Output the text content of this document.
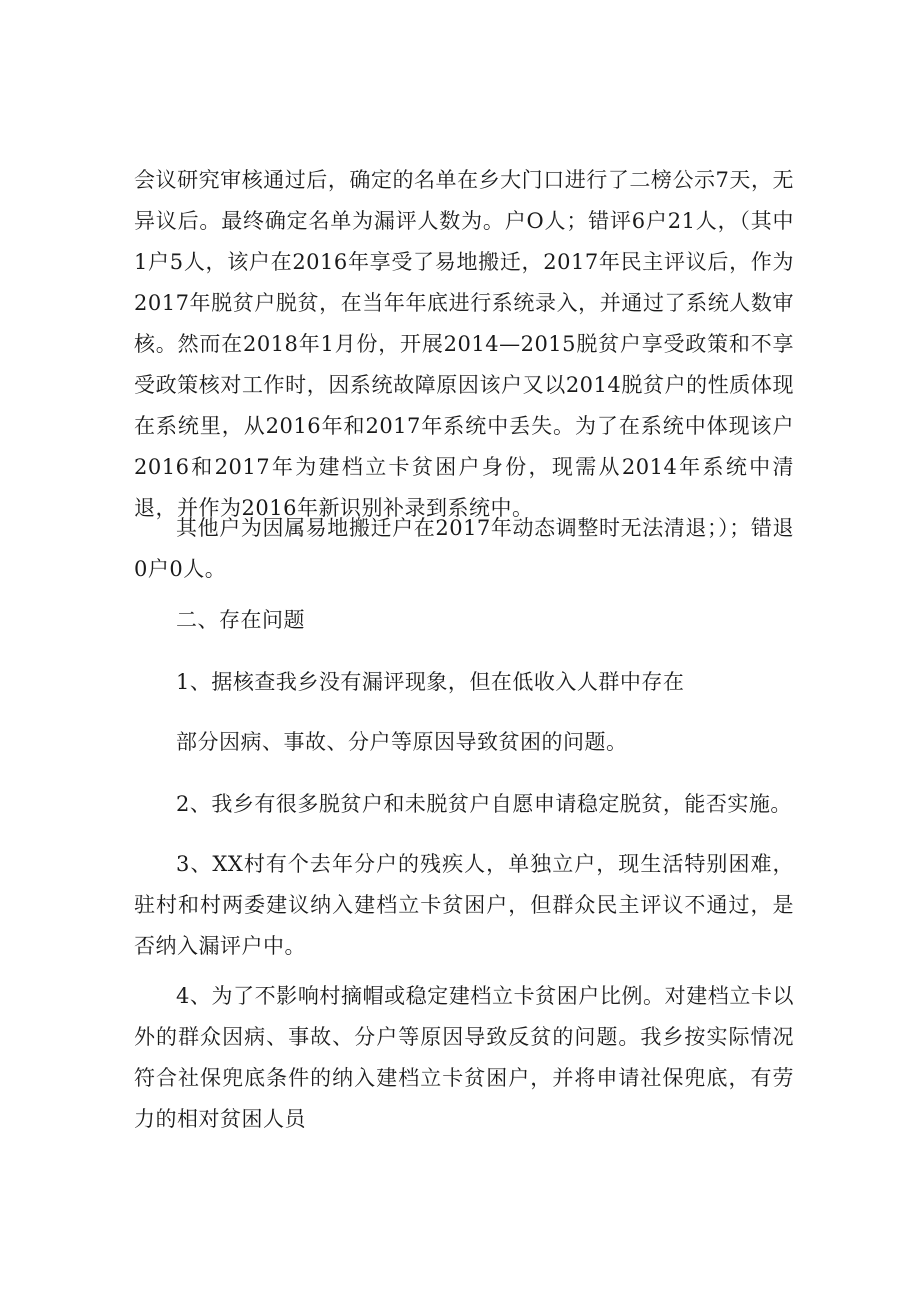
会议研究审核通过后，确定的名单在乡大门口进行了二榜公示7天，无异议后。最终确定名单为漏评人数为。户O人；错评6户21人，（其中1户5人，该户在2016年享受了易地搬迁，2017年民主评议后，作为2017年脱贫户脱贫，在当年年底进行系统录入，并通过了系统人数审核。然而在2018年1月份，开展2014—2015脱贫户享受政策和不享受政策核对工作时，因系统故障原因该户又以2014脱贫户的性质体现在系统里，从2016年和2017年系统中丢失。为了在系统中体现该户2016和2017年为建档立卡贫困户身份，现需从2014年系统中清退，并作为2016年新识别补录到系统中。

其他户为因属易地搬迁户在2017年动态调整时无法清退；）；错退0户0人。

二、存在问题

1、据核查我乡没有漏评现象，但在低收入人群中存在

部分因病、事故、分户等原因导致贫困的问题。

2、我乡有很多脱贫户和未脱贫户自愿申请稳定脱贫，能否实施。

3、XX村有个去年分户的残疾人，单独立户，现生活特别困难，驻村和村两委建议纳入建档立卡贫困户，但群众民主评议不通过，是否纳入漏评户中。

4、为了不影响村摘帽或稳定建档立卡贫困户比例。对建档立卡以外的群众因病、事故、分户等原因导致反贫的问题。我乡按实际情况符合社保兜底条件的纳入建档立卡贫困户，并将申请社保兜底，有劳力的相对贫困人员
